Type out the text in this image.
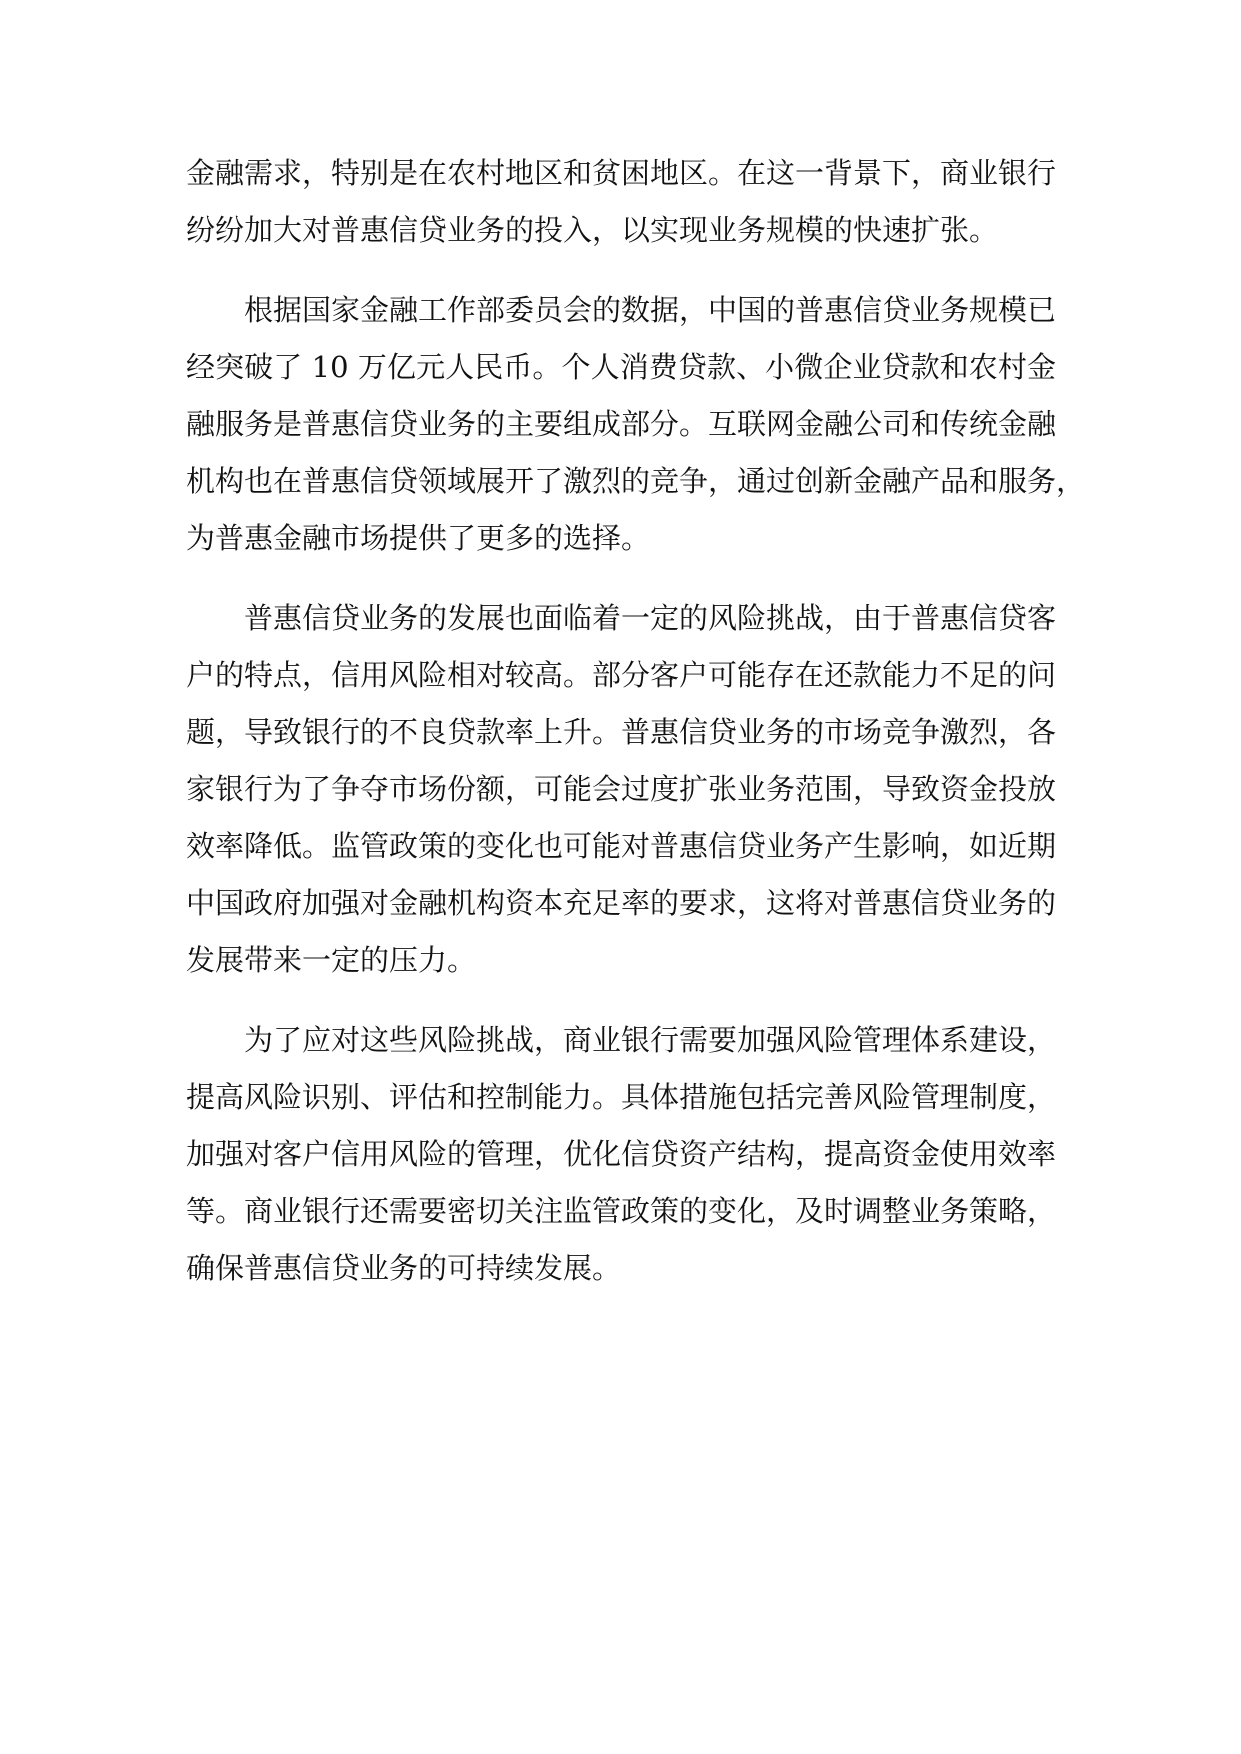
金融需求，特别是在农村地区和贫困地区。在这一背景下，商业银行
纷纷加大对普惠信贷业务的投入，以实现业务规模的快速扩张。

根据国家金融工作部委员会的数据，中国的普惠信贷业务规模已
经突破了 10 万亿元人民币。个人消费贷款、小微企业贷款和农村金
融服务是普惠信贷业务的主要组成部分。互联网金融公司和传统金融
机构也在普惠信贷领域展开了激烈的竞争，通过创新金融产品和服务，
为普惠金融市场提供了更多的选择。

普惠信贷业务的发展也面临着一定的风险挑战，由于普惠信贷客
户的特点，信用风险相对较高。部分客户可能存在还款能力不足的问
题，导致银行的不良贷款率上升。普惠信贷业务的市场竞争激烈，各
家银行为了争夺市场份额，可能会过度扩张业务范围，导致资金投放
效率降低。监管政策的变化也可能对普惠信贷业务产生影响，如近期
中国政府加强对金融机构资本充足率的要求，这将对普惠信贷业务的
发展带来一定的压力。

为了应对这些风险挑战，商业银行需要加强风险管理体系建设，
提高风险识别、评估和控制能力。具体措施包括完善风险管理制度，
加强对客户信用风险的管理，优化信贷资产结构，提高资金使用效率
等。商业银行还需要密切关注监管政策的变化，及时调整业务策略，
确保普惠信贷业务的可持续发展。
